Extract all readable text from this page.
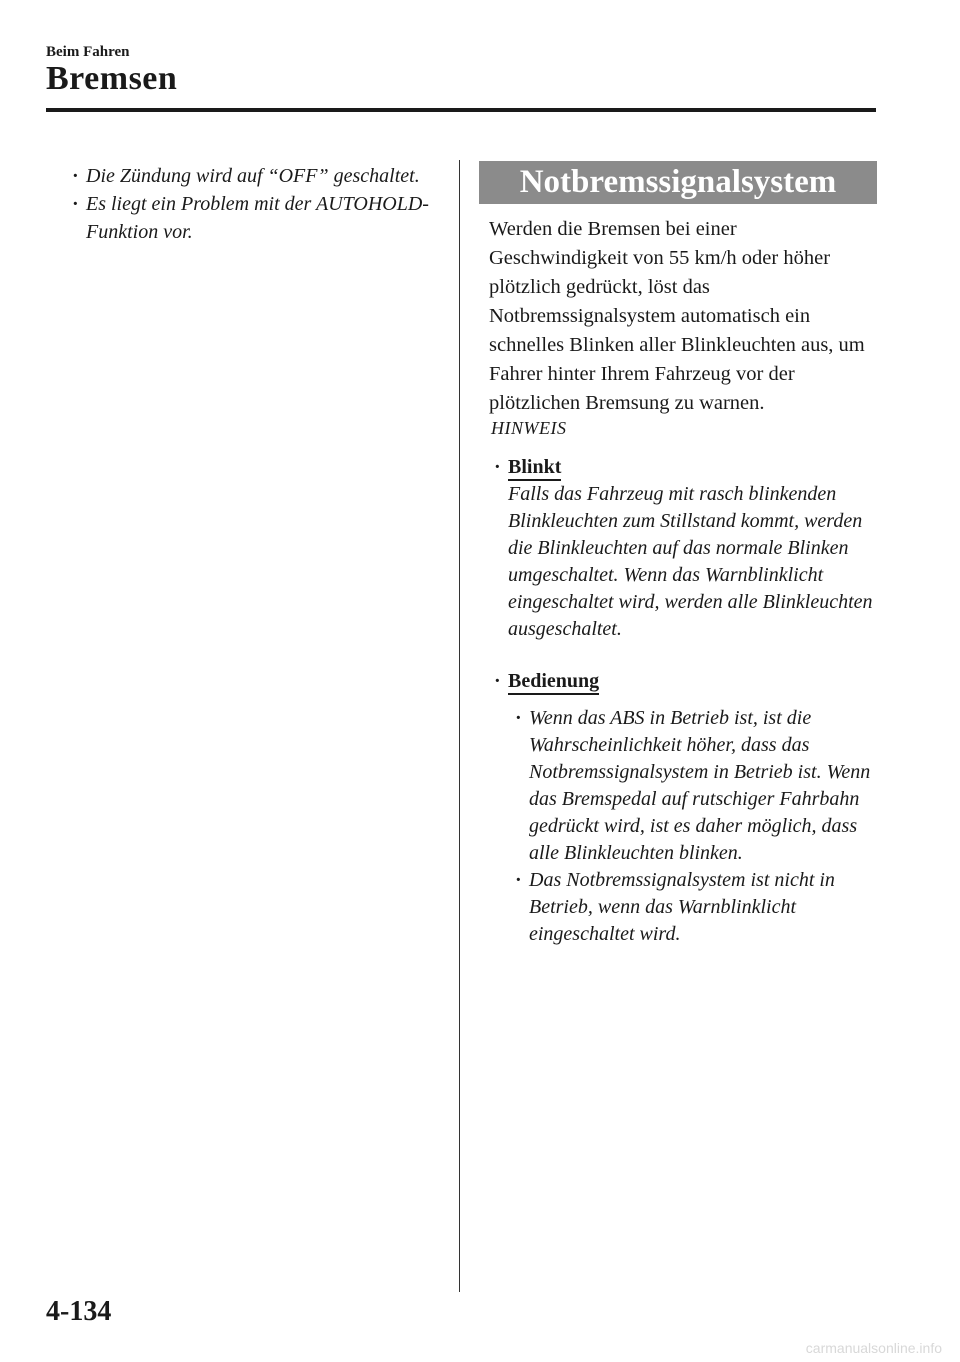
Beim Fahren
Bremsen
· Die Zündung wird auf “OFF” geschaltet.
· Es liegt ein Problem mit der AUTOHOLD-Funktion vor.
Notbremssignalsystem
Werden die Bremsen bei einer Geschwindigkeit von 55 km/h oder höher plötzlich gedrückt, löst das Notbremssignalsystem automatisch ein schnelles Blinken aller Blinkleuchten aus, um Fahrer hinter Ihrem Fahrzeug vor der plötzlichen Bremsung zu warnen.
HINWEIS
· Blinkt
Falls das Fahrzeug mit rasch blinkenden Blinkleuchten zum Stillstand kommt, werden die Blinkleuchten auf das normale Blinken umgeschaltet. Wenn das Warnblinklicht eingeschaltet wird, werden alle Blinkleuchten ausgeschaltet.
· Bedienung
· Wenn das ABS in Betrieb ist, ist die Wahrscheinlichkeit höher, dass das Notbremssignalsystem in Betrieb ist. Wenn das Bremspedal auf rutschiger Fahrbahn gedrückt wird, ist es daher möglich, dass alle Blinkleuchten blinken.
· Das Notbremssignalsystem ist nicht in Betrieb, wenn das Warnblinklicht eingeschaltet wird.
4-134
carmanualsonline.info
